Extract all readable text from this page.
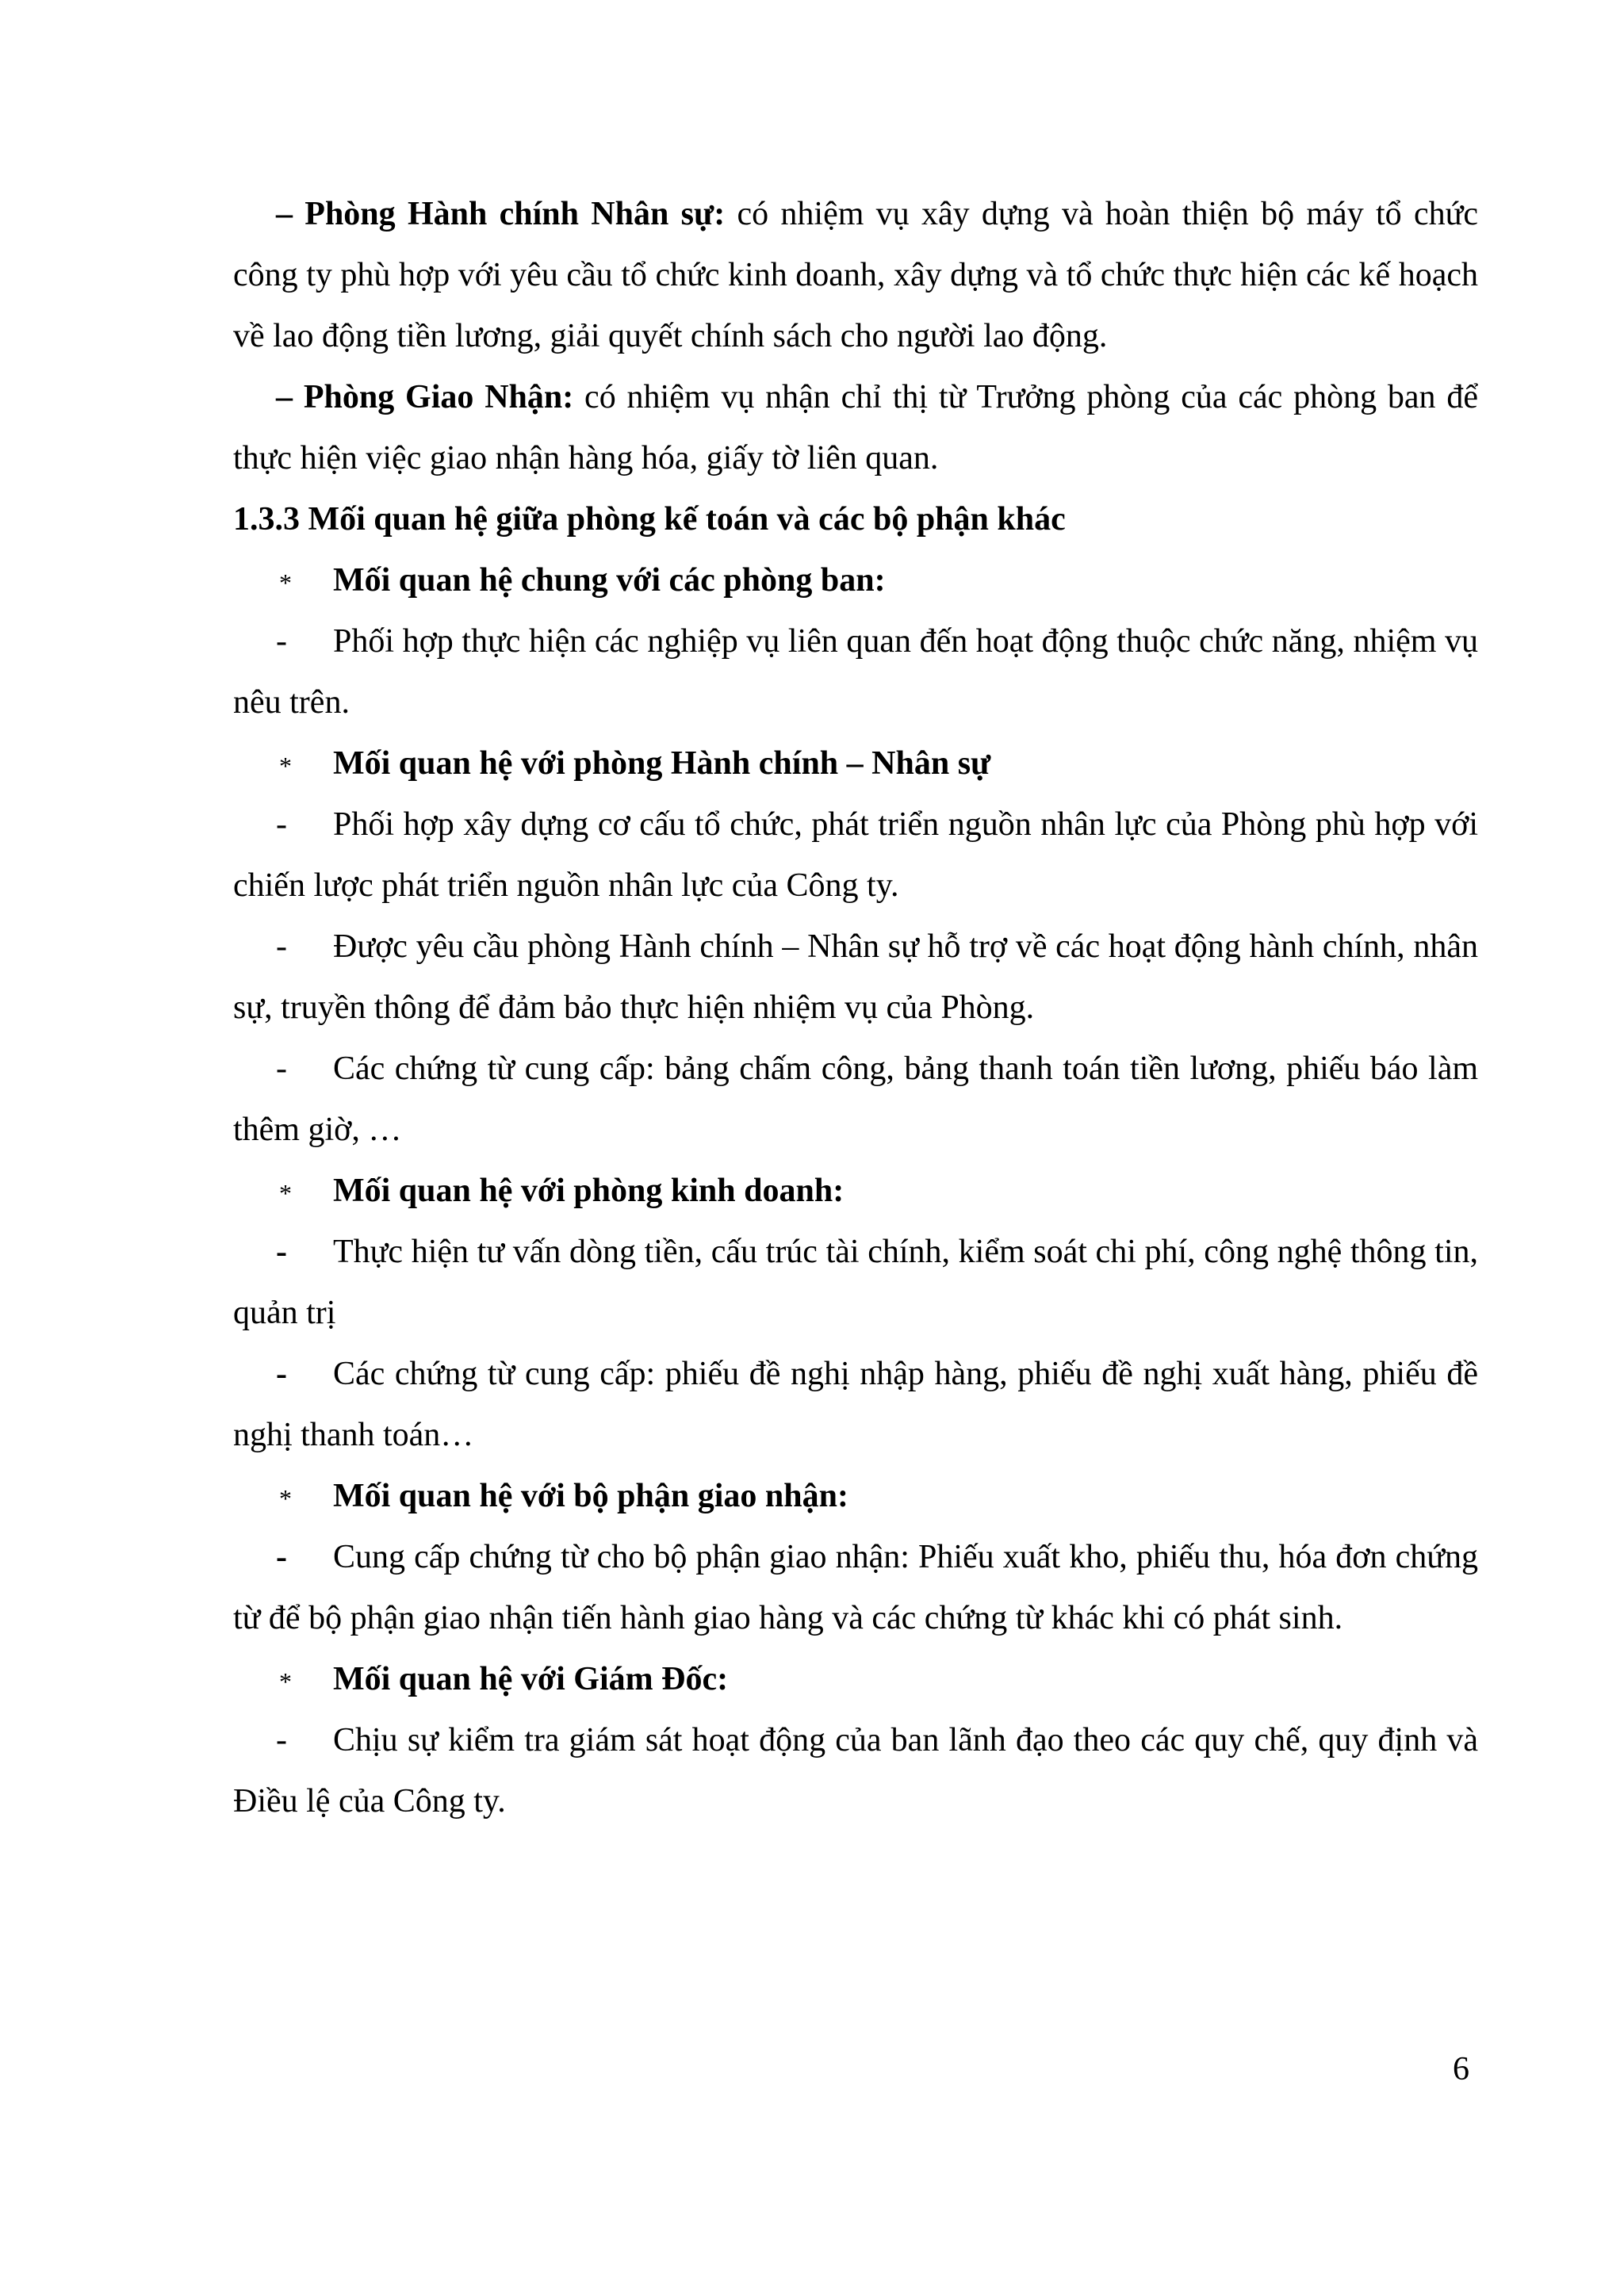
– Phòng Hành chính Nhân sự: có nhiệm vụ xây dựng và hoàn thiện bộ máy tổ chức công ty phù hợp với yêu cầu tổ chức kinh doanh, xây dựng và tổ chức thực hiện các kế hoạch về lao động tiền lương, giải quyết chính sách cho người lao động.

– Phòng Giao Nhận: có nhiệm vụ nhận chỉ thị từ Trưởng phòng của các phòng ban để thực hiện việc giao nhận hàng hóa, giấy tờ liên quan.

1.3.3 Mối quan hệ giữa phòng kế toán và các bộ phận khác

* Mối quan hệ chung với các phòng ban:

- Phối hợp thực hiện các nghiệp vụ liên quan đến hoạt động thuộc chức năng, nhiệm vụ nêu trên.

* Mối quan hệ với phòng Hành chính – Nhân sự

- Phối hợp xây dựng cơ cấu tổ chức, phát triển nguồn nhân lực của Phòng phù hợp với chiến lược phát triển nguồn nhân lực của Công ty.

- Được yêu cầu phòng Hành chính – Nhân sự hỗ trợ về các hoạt động hành chính, nhân sự, truyền thông để đảm bảo thực hiện nhiệm vụ của Phòng.

- Các chứng từ cung cấp: bảng chấm công, bảng thanh toán tiền lương, phiếu báo làm thêm giờ, …

* Mối quan hệ với phòng kinh doanh:

- Thực hiện tư vấn dòng tiền, cấu trúc tài chính, kiểm soát chi phí, công nghệ thông tin, quản trị

- Các chứng từ cung cấp: phiếu đề nghị nhập hàng, phiếu đề nghị xuất hàng, phiếu đề nghị thanh toán…

* Mối quan hệ với bộ phận giao nhận:

- Cung cấp chứng từ cho bộ phận giao nhận: Phiếu xuất kho, phiếu thu, hóa đơn chứng từ để bộ phận giao nhận tiến hành giao hàng và các chứng từ khác khi có phát sinh.

* Mối quan hệ với Giám Đốc:

- Chịu sự kiểm tra giám sát hoạt động của ban lãnh đạo theo các quy chế, quy định và Điều lệ của Công ty.

6
